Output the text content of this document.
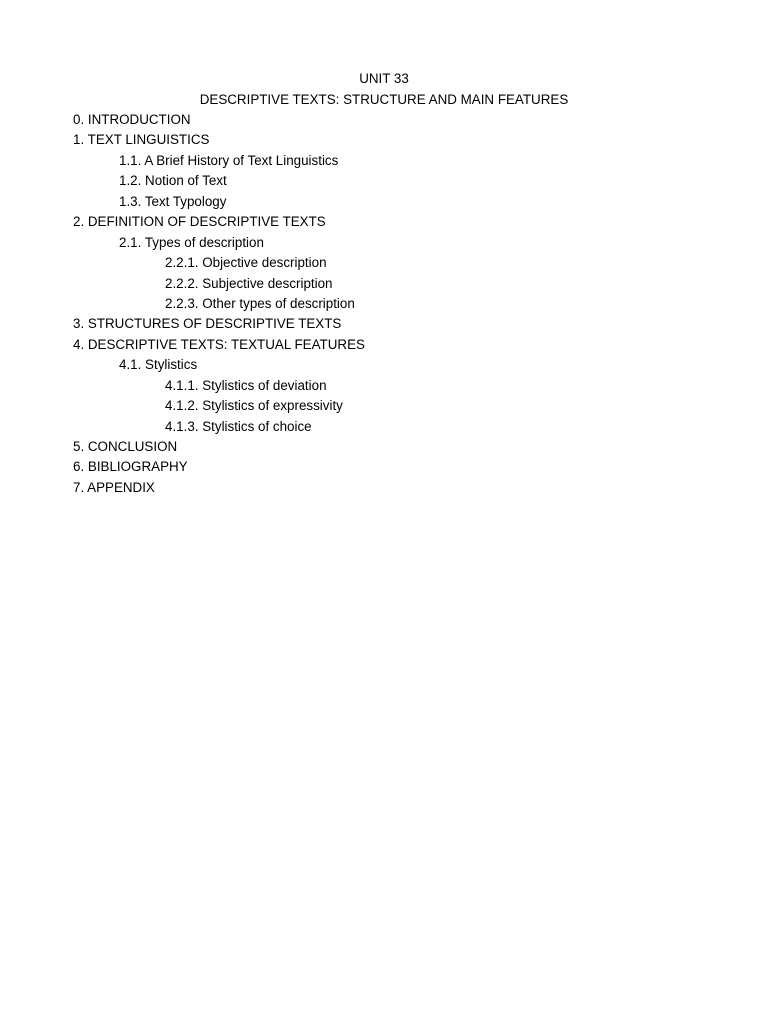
UNIT 33
DESCRIPTIVE TEXTS: STRUCTURE AND MAIN FEATURES
0. INTRODUCTION
1. TEXT LINGUISTICS
1.1. A Brief History of Text Linguistics
1.2. Notion of Text
1.3. Text Typology
2. DEFINITION OF DESCRIPTIVE TEXTS
2.1. Types of description
2.2.1. Objective description
2.2.2. Subjective description
2.2.3. Other types of description
3. STRUCTURES OF DESCRIPTIVE TEXTS
4. DESCRIPTIVE TEXTS: TEXTUAL FEATURES
4.1. Stylistics
4.1.1. Stylistics of deviation
4.1.2. Stylistics of expressivity
4.1.3. Stylistics of choice
5. CONCLUSION
6. BIBLIOGRAPHY
7. APPENDIX
